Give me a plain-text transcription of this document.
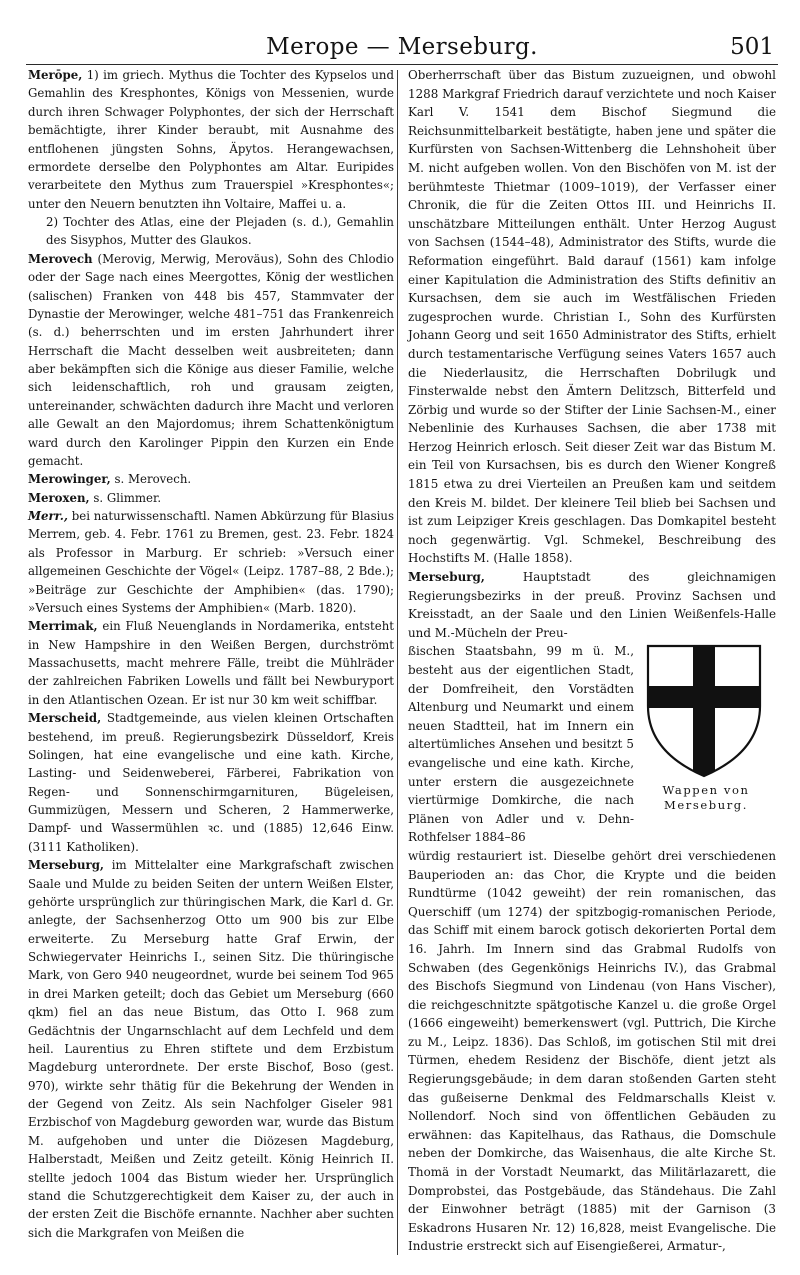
Merope — Merseburg.	501

Merōpe, 1) im griech. Mythus die Tochter des Kypselos und Gemahlin des Kresphontes, Königs von Messenien, wurde durch ihren Schwager Polyphontes, der sich der Herrschaft bemächtigte, ihrer Kinder beraubt, mit Ausnahme des entflohenen jüngsten Sohns, Äpytos. Herangewachsen, ermordete derselbe den Polyphontes am Altar. Euripides verarbeitete den Mythus zum Trauerspiel »Kresphontes«; unter den Neuern benutzten ihn Voltaire, Maffei u. a.

2) Tochter des Atlas, eine der Plejaden (s. d.), Gemahlin des Sisyphos, Mutter des Glaukos.

Merovech (Merovig, Merwig, Meroväus), Sohn des Chlodio oder der Sage nach eines Meergottes, König der westlichen (salischen) Franken von 448 bis 457, Stammvater der Dynastie der Merowinger, welche 481–751 das Frankenreich (s. d.) beherrschten und im ersten Jahrhundert ihrer Herrschaft die Macht desselben weit ausbreiteten; dann aber bekämpften sich die Könige aus dieser Familie, welche sich leidenschaftlich, roh und grausam zeigten, untereinander, schwächten dadurch ihre Macht und verloren alle Gewalt an den Majordomus; ihrem Schattenkönigtum ward durch den Karolinger Pippin den Kurzen ein Ende gemacht.

Merowinger, s. Merovech.

Meroxen, s. Glimmer.

Merr., bei naturwissenschaftl. Namen Abkürzung für Blasius Merrem, geb. 4. Febr. 1761 zu Bremen, gest. 23. Febr. 1824 als Professor in Marburg. Er schrieb: »Versuch einer allgemeinen Geschichte der Vögel« (Leipz. 1787–88, 2 Bde.); »Beiträge zur Geschichte der Amphibien« (das. 1790); »Versuch eines Systems der Amphibien« (Marb. 1820).

Merrimak, ein Fluß Neuenglands in Nordamerika, entsteht in New Hampshire in den Weißen Bergen, durchströmt Massachusetts, macht mehrere Fälle, treibt die Mühlräder der zahlreichen Fabriken Lowells und fällt bei Newburyport in den Atlantischen Ozean. Er ist nur 30 km weit schiffbar.

Merscheid, Stadtgemeinde, aus vielen kleinen Ortschaften bestehend, im preuß. Regierungsbezirk Düsseldorf, Kreis Solingen, hat eine evangelische und eine kath. Kirche, Lasting- und Seidenweberei, Färberei, Fabrikation von Regen- und Sonnenschirmgarnituren, Bügeleisen, Gummizügen, Messern und Scheren, 2 Hammerwerke, Dampf- und Wassermühlen ꝛc. und (1885) 12,646 Einw. (3111 Katholiken).

Merseburg, im Mittelalter eine Markgrafschaft zwischen Saale und Mulde zu beiden Seiten der untern Weißen Elster, gehörte ursprünglich zur thüringischen Mark, die Karl d. Gr. anlegte, der Sachsenherzog Otto um 900 bis zur Elbe erweiterte. Zu Merseburg hatte Graf Erwin, der Schwiegervater Heinrichs I., seinen Sitz. Die thüringische Mark, von Gero 940 neugeordnet, wurde bei seinem Tod 965 in drei Marken geteilt; doch das Gebiet um Merseburg (660 qkm) fiel an das neue Bistum, das Otto I. 968 zum Gedächtnis der Ungarnschlacht auf dem Lechfeld und dem heil. Laurentius zu Ehren stiftete und dem Erzbistum Magdeburg unterordnete. Der erste Bischof, Boso (gest. 970), wirkte sehr thätig für die Bekehrung der Wenden in der Gegend von Zeitz. Als sein Nachfolger Giseler 981 Erzbischof von Magdeburg geworden war, wurde das Bistum M. aufgehoben und unter die Diözesen Magdeburg, Halberstadt, Meißen und Zeitz geteilt. König Heinrich II. stellte jedoch 1004 das Bistum wieder her. Ursprünglich stand die Schutzgerechtigkeit dem Kaiser zu, der auch in der ersten Zeit die Bischöfe ernannte. Nachher aber suchten sich die Markgrafen von Meißen die

Oberherrschaft über das Bistum zuzueignen, und obwohl 1288 Markgraf Friedrich darauf verzichtete und noch Kaiser Karl V. 1541 dem Bischof Siegmund die Reichsunmittelbarkeit bestätigte, haben jene und später die Kurfürsten von Sachsen-Wittenberg die Lehnshoheit über M. nicht aufgeben wollen. Von den Bischöfen von M. ist der berühmteste Thietmar (1009–1019), der Verfasser einer Chronik, die für die Zeiten Ottos III. und Heinrichs II. unschätzbare Mitteilungen enthält. Unter Herzog August von Sachsen (1544–48), Administrator des Stifts, wurde die Reformation eingeführt. Bald darauf (1561) kam infolge einer Kapitulation die Administration des Stifts definitiv an Kursachsen, dem sie auch im Westfälischen Frieden zugesprochen wurde. Christian I., Sohn des Kurfürsten Johann Georg und seit 1650 Administrator des Stifts, erhielt durch testamentarische Verfügung seines Vaters 1657 auch die Niederlausitz, die Herrschaften Dobrilugk und Finsterwalde nebst den Ämtern Delitzsch, Bitterfeld und Zörbig und wurde so der Stifter der Linie Sachsen-M., einer Nebenlinie des Kurhauses Sachsen, die aber 1738 mit Herzog Heinrich erlosch. Seit dieser Zeit war das Bistum M. ein Teil von Kursachsen, bis es durch den Wiener Kongreß 1815 etwa zu drei Vierteilen an Preußen kam und seitdem den Kreis M. bildet. Der kleinere Teil blieb bei Sachsen und ist zum Leipziger Kreis geschlagen. Das Domkapitel besteht noch gegenwärtig. Vgl. Schmekel, Beschreibung des Hochstifts M. (Halle 1858).

Merseburg, Hauptstadt des gleichnamigen Regierungsbezirks in der preuß. Provinz Sachsen und Kreisstadt, an der Saale und den Linien Weißenfels-Halle und M.-Mücheln der Preu-

ßischen Staatsbahn, 99 m ü. M., besteht aus der eigentlichen Stadt, der Domfreiheit, den Vorstädten Altenburg und Neumarkt und einem neuen Stadtteil, hat im Innern ein altertümliches Ansehen und besitzt 5 evangelische und eine kath. Kirche, unter erstern die ausgezeichnete viertürmige Domkirche, die nach Plänen von Adler und v. Dehn-Rothfelser 1884–86

würdig restauriert ist. Dieselbe gehört drei verschiedenen Bauperioden an: das Chor, die Krypte und die beiden Rundtürme (1042 geweiht) der rein romanischen, das Querschiff (um 1274) der spitzbogig-romanischen Periode, das Schiff mit einem barock gotisch dekorierten Portal dem 16. Jahrh. Im Innern sind das Grabmal Rudolfs von Schwaben (des Gegenkönigs Heinrichs IV.), das Grabmal des Bischofs Siegmund von Lindenau (von Hans Vischer), die reichgeschnitzte spätgotische Kanzel u. die große Orgel (1666 eingeweiht) bemerkenswert (vgl. Puttrich, Die Kirche zu M., Leipz. 1836). Das Schloß, im gotischen Stil mit drei Türmen, ehedem Residenz der Bischöfe, dient jetzt als Regierungsgebäude; in dem daran stoßenden Garten steht das gußeiserne Denkmal des Feldmarschalls Kleist v. Nollendorf. Noch sind von öffentlichen Gebäuden zu erwähnen: das Kapitelhaus, das Rathaus, die Domschule neben der Domkirche, das Waisenhaus, die alte Kirche St. Thomä in der Vorstadt Neumarkt, das Militärlazarett, die Domprobstei, das Postgebäude, das Ständehaus. Die Zahl der Einwohner beträgt (1885) mit der Garnison (3 Eskadrons Husaren Nr. 12) 16,828, meist Evangelische. Die Industrie erstreckt sich auf Eisengießerei, Armatur-,

Wappen von Merseburg.
